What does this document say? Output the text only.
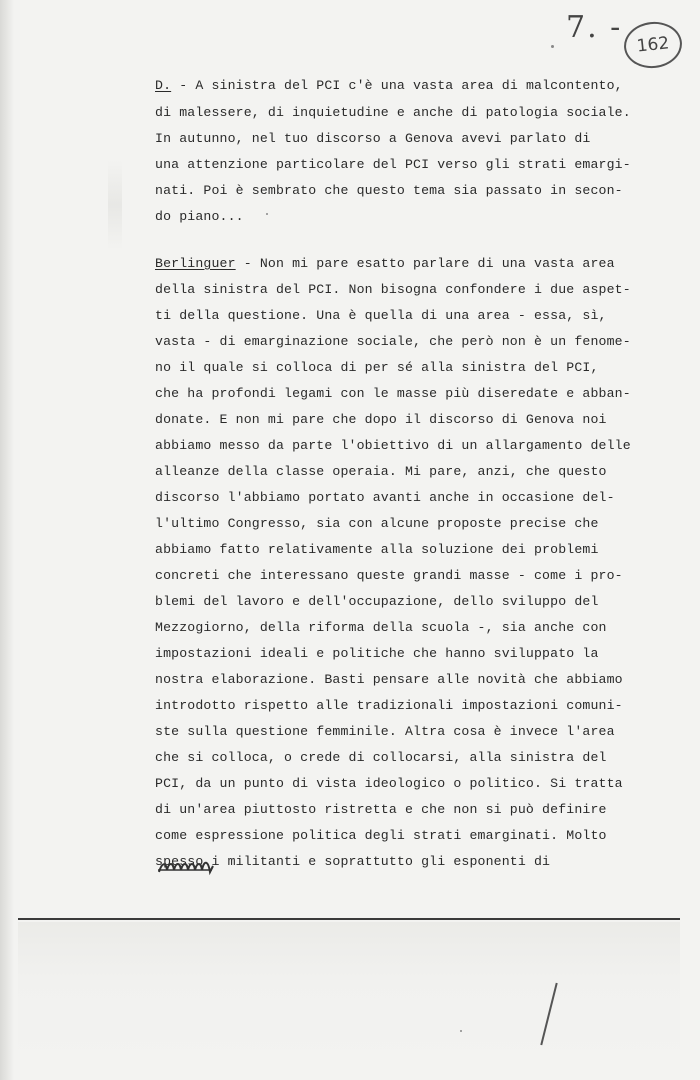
7. -
162

D. - A sinistra del PCI c'è una vasta area di malcontento,

di malessere, di inquietudine e anche di patologia sociale.

In autunno, nel tuo discorso a Genova avevi parlato di

una attenzione particolare del PCI verso gli strati emargi-

nati. Poi è sembrato che questo tema sia passato in secon-

do piano...

Berlinguer - Non mi pare esatto parlare di una vasta area

della sinistra del PCI. Non bisogna confondere i due aspet-

ti della questione. Una è quella di una area - essa, sì,

vasta - di emarginazione sociale, che però non è un fenome-

no il quale si colloca di per sé alla sinistra del PCI,

che ha profondi legami con le masse più diseredate e abban-

donate. E non mi pare che dopo il discorso di Genova noi

abbiamo messo da parte l'obiettivo di un allargamento delle

alleanze della classe operaia. Mi pare, anzi, che questo

discorso l'abbiamo portato avanti anche in occasione del-

l'ultimo Congresso, sia con alcune proposte precise che

abbiamo fatto relativamente alla soluzione dei problemi

concreti che interessano queste grandi masse - come i pro-

blemi del lavoro e dell'occupazione, dello sviluppo del

Mezzogiorno, della riforma della scuola -, sia anche con

impostazioni ideali e politiche che hanno sviluppato la

nostra elaborazione. Basti pensare alle novità che abbiamo

introdotto rispetto alle tradizionali impostazioni comuni-

ste sulla questione femminile. Altra cosa è invece l'area

che si colloca, o crede di collocarsi, alla sinistra del

PCI, da un punto di vista ideologico o politico. Si tratta

di un'area piuttosto ristretta e che non si può definire

come espressione politica degli strati emarginati. Molto

spesso i militanti e soprattutto gli esponenti di
